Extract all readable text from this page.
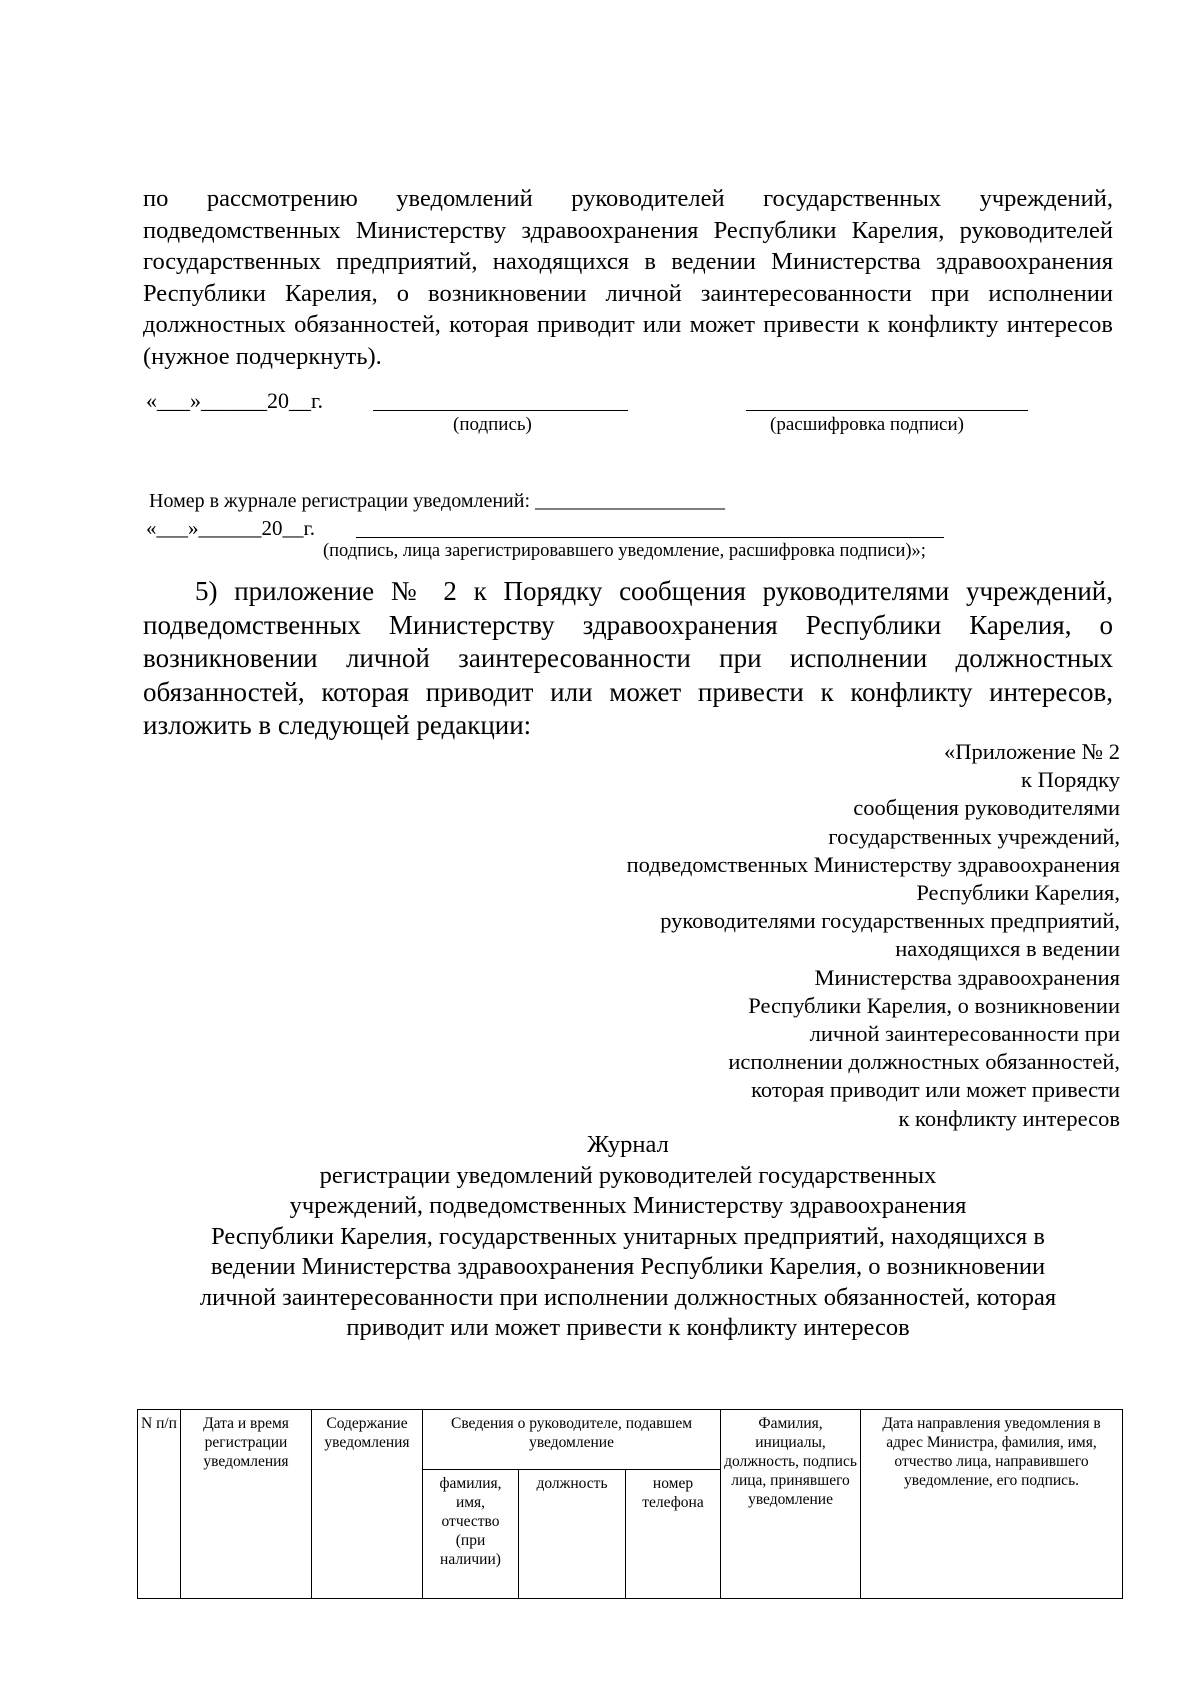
по рассмотрению уведомлений руководителей государственных учреждений, подведомственных Министерству здравоохранения Республики Карелия, руководителей государственных предприятий, находящихся в ведении Министерства здравоохранения Республики Карелия, о возникновении личной заинтересованности при исполнении должностных обязанностей, которая приводит или может привести к конфликту интересов (нужное подчеркнуть).

«___»______20__г.
(подпись)	(расшифровка подписи)
Номер в журнале регистрации уведомлений: ___________________
«___»______20__г.
(подпись, лица зарегистрировавшего уведомление, расшифровка подписи)»;

5) приложение № 2 к Порядку сообщения руководителями учреждений, подведомственных Министерству здравоохранения Республики Карелия, о возникновении личной заинтересованности при исполнении должностных обязанностей, которая приводит или может привести к конфликту интересов, изложить в следующей редакции:

«Приложение № 2
к Порядку
сообщения руководителями
государственных учреждений,
подведомственных Министерству здравоохранения
Республики Карелия,
руководителями государственных предприятий,
находящихся в ведении
Министерства здравоохранения
Республики Карелия, о возникновении
личной заинтересованности при
исполнении должностных обязанностей,
которая приводит или может привести
к конфликту интересов
Журнал
регистрации уведомлений руководителей государственных
учреждений, подведомственных Министерству здравоохранения
Республики Карелия, государственных унитарных предприятий, находящихся в
ведении Министерства здравоохранения Республики Карелия, о возникновении
личной заинтересованности при исполнении должностных обязанностей, которая
приводит или может привести к конфликту интересов
N п/п	Дата и время регистрации уведомления	Содержание уведомления	Сведения о руководителе, подавшем уведомление			Фамилия, инициалы, должность, подпись лица, принявшего уведомление	Дата направления уведомления в адрес Министра, фамилия, имя, отчество лица, направившего уведомление, его подпись.
			фамилия, имя, отчество (при наличии)	должность	номер телефона		
